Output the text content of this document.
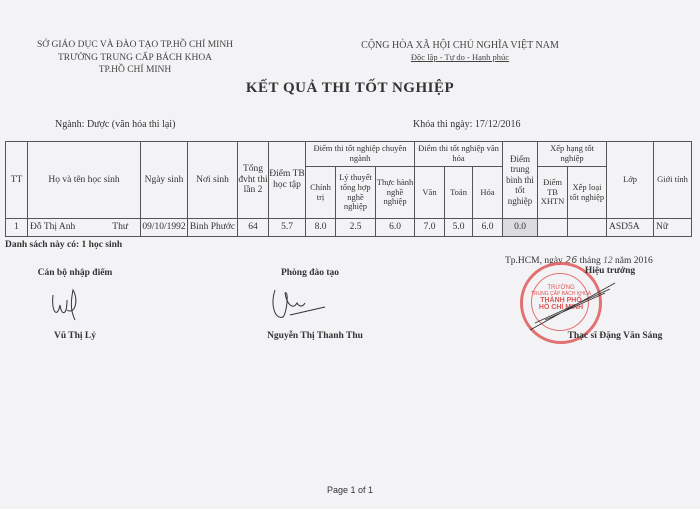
SỞ GIÁO DỤC VÀ ĐÀO TẠO TP.HỒ CHÍ MINH
TRƯỜNG TRUNG CẤP BÁCH KHOA
TP.HỒ CHÍ MINH
CỘNG HÒA XÃ HỘI CHỦ NGHĨA VIỆT NAM
Độc lập - Tự do - Hạnh phúc
KẾT QUẢ THI TỐT NGHIỆP
Ngành: Dược (văn hóa thi lại)	Khóa thi ngày: 17/12/2016
TT	Họ và tên học sinh	Ngày sinh	Nơi sinh	Tổng đvht thi lần 2	Điểm TB học tập	Điểm thi tốt nghiệp chuyên ngành			Điểm thi tốt nghiệp văn hóa			Điểm trung bình thi tốt nghiệp	Xếp hạng tốt nghiệp		Lớp	Giới tính
						Chính trị	Lý thuyết tổng hợp nghề nghiệp	Thực hành nghề nghiệp	Văn	Toán	Hóa		Điểm TB XHTN	Xếp loại tốt nghiệp		
1	Đỗ Thị Anh Thư	09/10/1992	Bình Phước	64	5.7	8.0	2.5	6.0	7.0	5.0	6.0	0.0			ASD5A	Nữ
Danh sách này có: 1 học sinh
Tp.HCM, ngày 26 tháng 12 năm 2016
TRƯỜNG
TRUNG CẤP BÁCH KHOA
THÀNH PHỐ
HỒ CHÍ MINH
Cán bộ nhập điểm	Phòng đào tạo	Hiệu trưởng
Vũ Thị Lý	Nguyễn Thị Thanh Thu	Thạc sĩ Đặng Văn Sáng
Page 1 of 1
